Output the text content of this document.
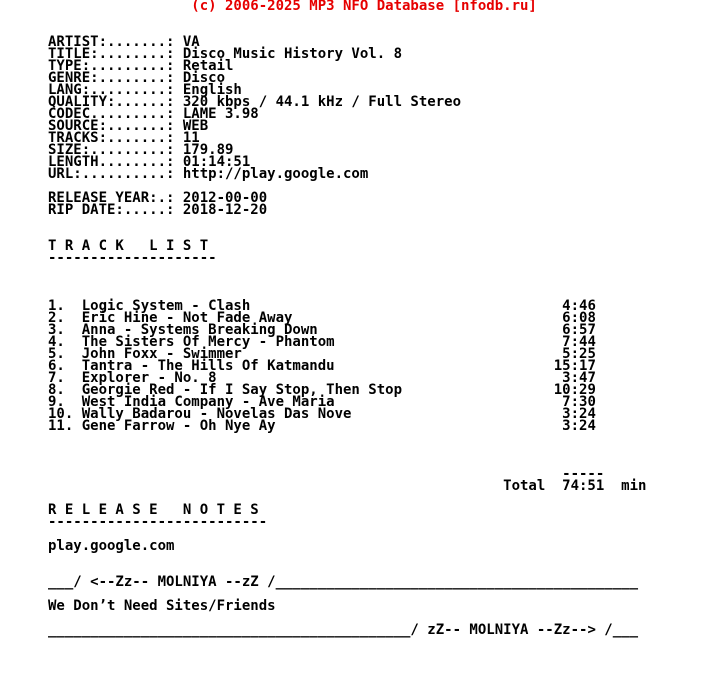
(c) 2006-2025 MP3 NFO Database [nfodb.ru]
ARTIST:.......: VA
TITLE:........: Disco Music History Vol. 8
TYPE:.........: Retail
GENRE:........: Disco
LANG:.........: English
QUALITY:......: 320 kbps / 44.1 kHz / Full Stereo
CODEC.........: LAME 3.98
SOURCE:.......: WEB
TRACKS:.......: 11
SIZE:.........: 179.89
LENGTH........: 01:14:51
URL:..........: http://play.google.com
RELEASE YEAR:.: 2012-00-00
RIP DATE:.....: 2018-12-20
T R A C K   L I S T
--------------------
1.  Logic System - Clash                                     4:46
2.  Eric Hine - Not Fade Away                                6:08
3.  Anna - Systems Breaking Down                             6:57
4.  The Sisters Of Mercy - Phantom                           7:44
5.  John Foxx - Swimmer                                      5:25
6.  Tantra - The Hills Of Katmandu                          15:17
7.  Explorer - No. 8                                         3:47
8.  Georgie Red - If I Say Stop, Then Stop                  10:29
9.  West India Company - Ave Maria                           7:30
10. Wally Badarou - Novelas Das Nove                         3:24
11. Gene Farrow - Oh Nye Ay                                  3:24
-----
Total  74:51  min
R E L E A S E   N O T E S
--------------------------
play.google.com
___/ <--Zz-- MOLNIYA --zZ /___________________________________________
We Don’t Need Sites/Friends
___________________________________________/ zZ-- MOLNIYA --Zz--> /___
